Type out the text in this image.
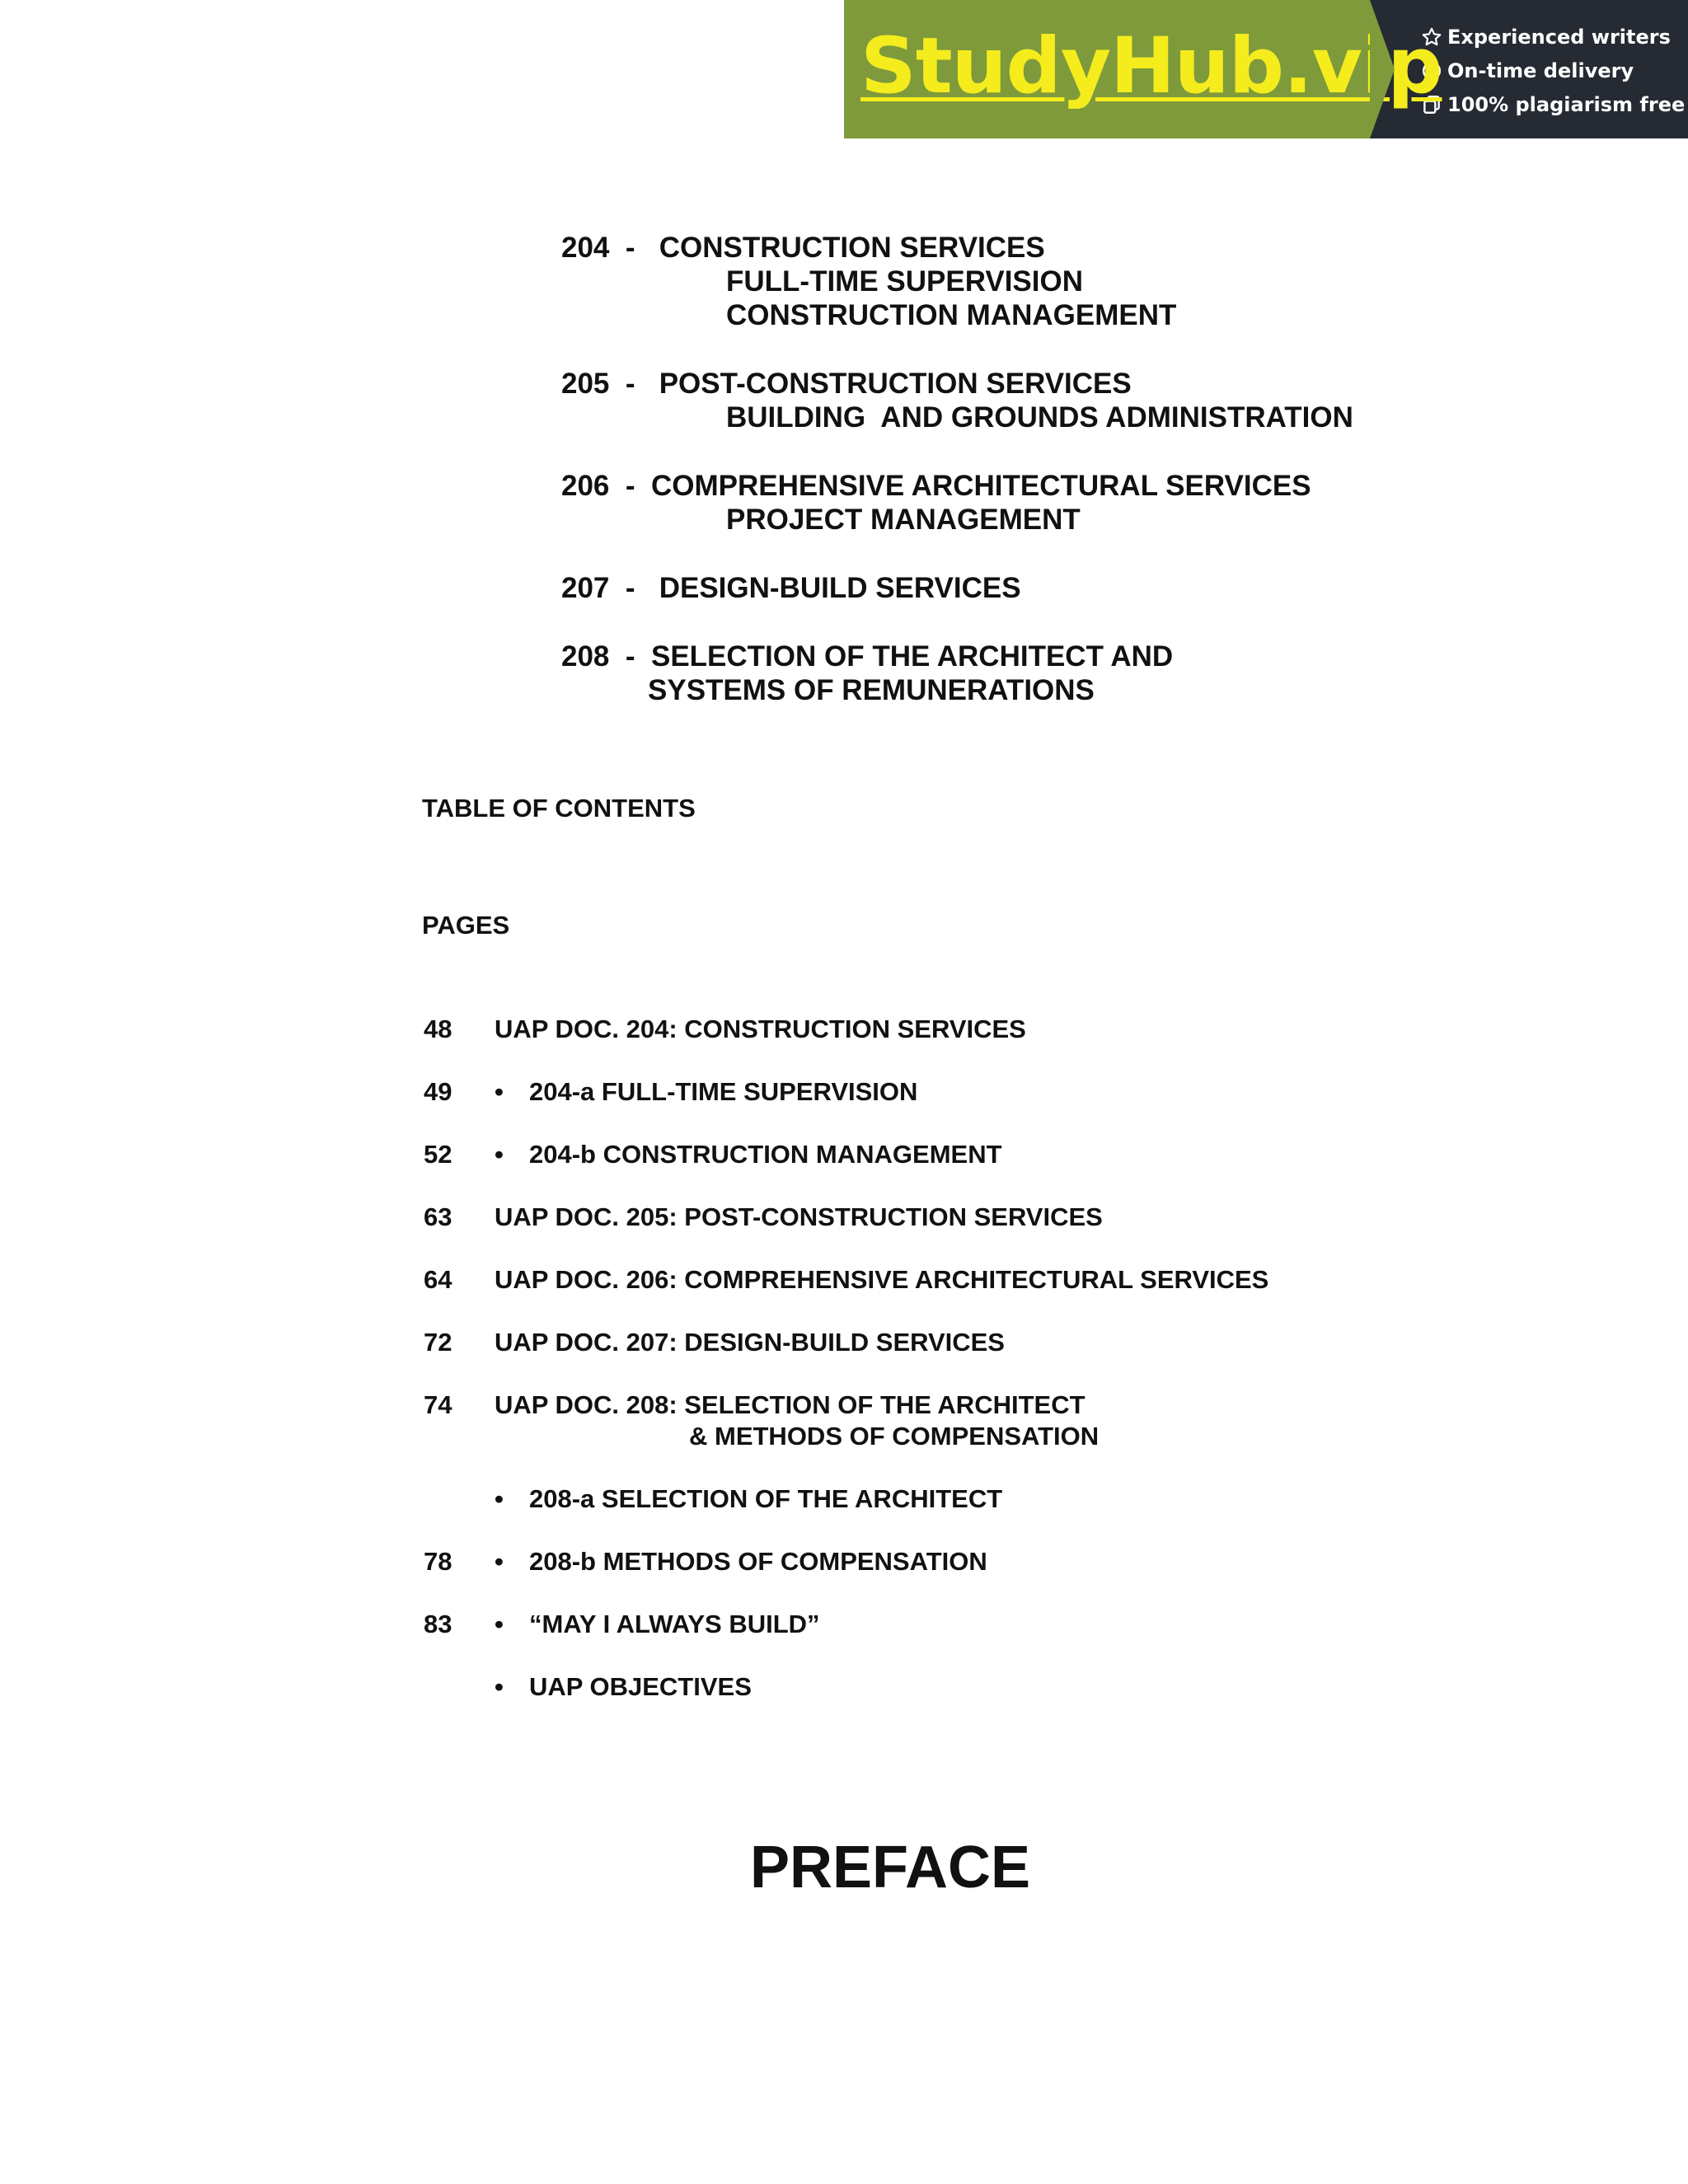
StudyHub.vip Experienced writers
On-time delivery
100% plagiarism free
204 - CONSTRUCTION SERVICES
FULL-TIME SUPERVISION
CONSTRUCTION MANAGEMENT
205 - POST-CONSTRUCTION SERVICES
BUILDING  AND GROUNDS ADMINISTRATION
206 - COMPREHENSIVE ARCHITECTURAL SERVICES
PROJECT MANAGEMENT
207 - DESIGN-BUILD SERVICES
208 - SELECTION OF THE ARCHITECT AND
SYSTEMS OF REMUNERATIONS
TABLE OF CONTENTS
PAGES
48 UAP DOC. 204: CONSTRUCTION SERVICES
49 • 204-a FULL-TIME SUPERVISION
52 • 204-b CONSTRUCTION MANAGEMENT
63 UAP DOC. 205: POST-CONSTRUCTION SERVICES
64 UAP DOC. 206: COMPREHENSIVE ARCHITECTURAL SERVICES
72 UAP DOC. 207: DESIGN-BUILD SERVICES
74 UAP DOC. 208: SELECTION OF THE ARCHITECT
& METHODS OF COMPENSATION
• 208-a SELECTION OF THE ARCHITECT
78 • 208-b METHODS OF COMPENSATION
83 • “MAY I ALWAYS BUILD”
• UAP OBJECTIVES
PREFACE
